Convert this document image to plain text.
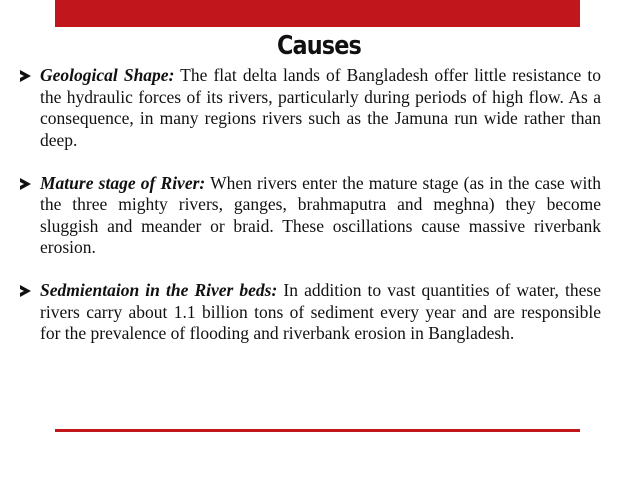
Causes
Geological Shape: The flat delta lands of Bangladesh offer little resistance to the hydraulic forces of its rivers, particularly during periods of high flow. As a consequence, in many regions rivers such as the Jamuna run wide rather than deep.
Mature stage of River: When rivers enter the mature stage (as in the case with the three mighty rivers, ganges, brahmaputra and meghna) they become sluggish and meander or braid. These oscillations cause massive riverbank erosion.
Sedmientaion in the River beds: In addition to vast quantities of water, these rivers carry about 1.1 billion tons of sediment every year and are responsible for the prevalence of flooding and riverbank erosion in Bangladesh.
